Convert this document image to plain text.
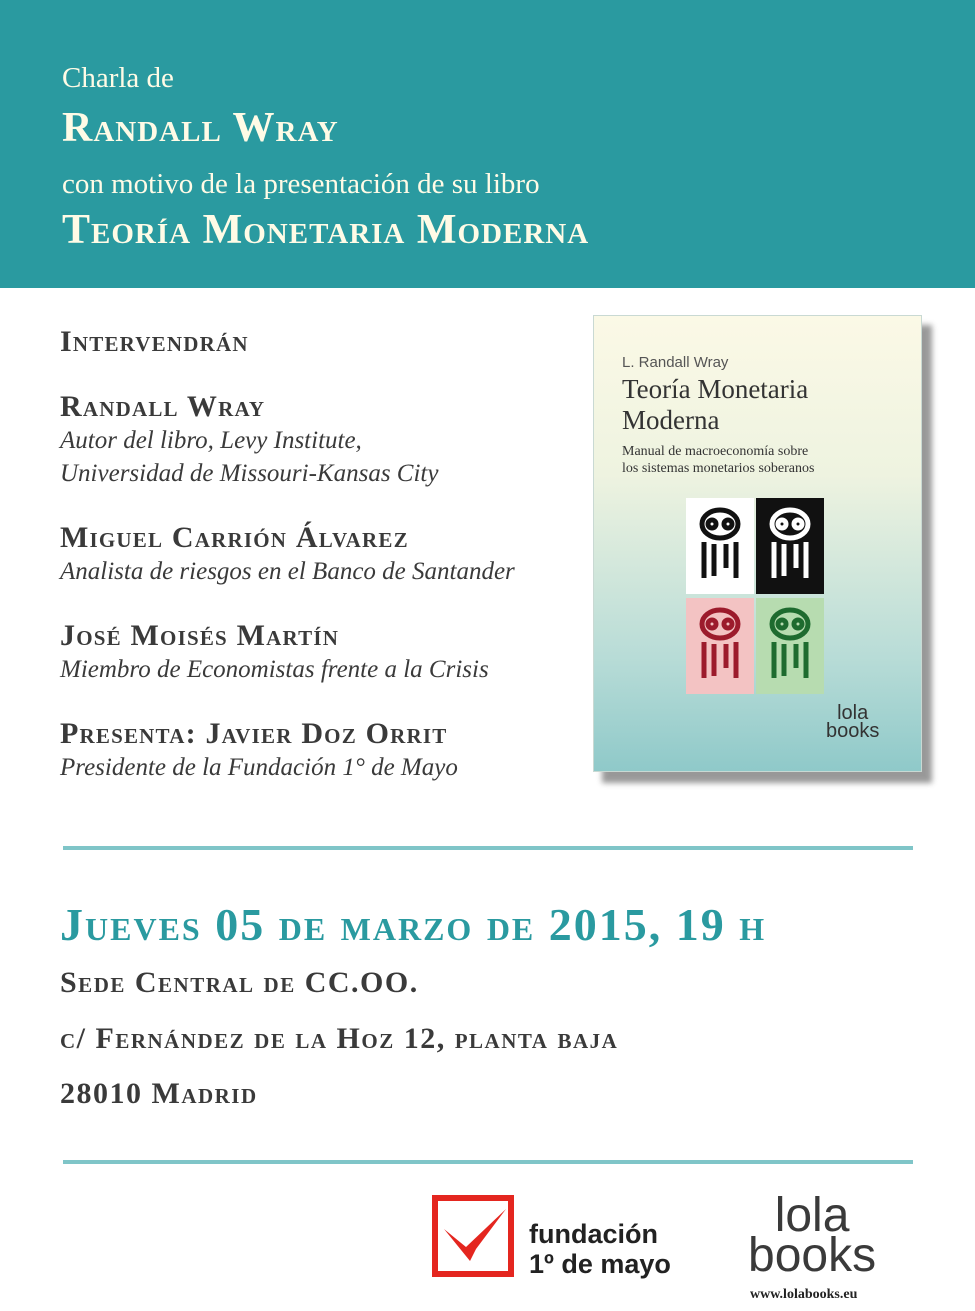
Charla de
Randall Wray
con motivo de la presentación de su libro
Teoría Monetaria Moderna
Intervendrán
Randall Wray
Autor del libro, Levy Institute,
Universidad de Missouri-Kansas City
Miguel Carrión Álvarez
Analista de riesgos en el Banco de Santander
José Moisés Martín
Miembro de Economistas frente a la Crisis
Presenta: Javier Doz Orrit
Presidente de la Fundación 1° de Mayo
L. Randall Wray
Teoría Monetaria
Moderna
Manual de macroeconomía sobre
los sistemas monetarios soberanos
lola
books
Jueves 05 de marzo de 2015, 19 h
Sede Central de CC.OO.
c/ Fernández de la Hoz 12, planta baja
28010 Madrid
fundación
1º de mayo
lola
books
www.lolabooks.eu
